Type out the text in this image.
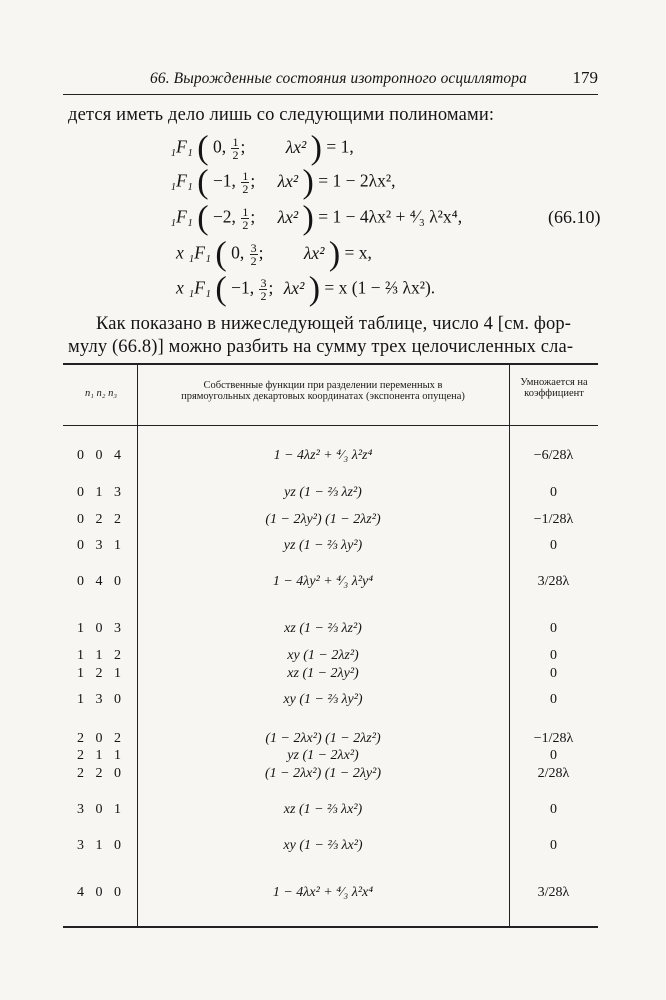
66. Вырожденные состояния изотропного осциллятора	179
дется иметь дело лишь со следующими полиномами:
₁F₁ ( 0, $\frac{1}{2}$ ; λx² ) = 1,
₁F₁ ( −1, $\frac{1}{2}$ ; λx² ) = 1 − 2λx²,
₁F₁ ( −2, $\frac{1}{2}$ ; λx² ) = 1 − 4λx² + ⁴⁄₃ λ²x⁴,
x ₁F₁ ( 0, $\frac{3}{2}$ ; λx² ) = x,
x ₁F₁ ( −1, $\frac{3}{2}$ ; λx² ) = x (1 − ⅔ λx²).
(66.10)
Как показано в нижеследующей таблице, число 4 [см. фор-
мулу (66.8)] можно разбить на сумму трех целочисленных сла-
n₁ n₂ n₃
Собственные функции при разделении переменных в прямоугольных декартовых координатах (экспонента опущена)
Умножается на коэффициент
0 0 4	1 − 4λz² + ⁴⁄₃ λ²z⁴	−6/28λ
0 1 3	yz (1 − ⅔ λz²)	0
0 2 2	(1 − 2λy²) (1 − 2λz²)	−1/28λ
0 3 1	yz (1 − ⅔ λy²)	0
0 4 0	1 − 4λy² + ⁴⁄₃ λ²y⁴	3/28λ
1 0 3	xz (1 − ⅔ λz²)	0
1 1 2	xy (1 − 2λz²)	0
1 2 1	xz (1 − 2λy²)	0
1 3 0	xy (1 − ⅔ λy²)	0
2 0 2	(1 − 2λx²) (1 − 2λz²)	−1/28λ
2 1 1	yz (1 − 2λx²)	0
2 2 0	(1 − 2λx²) (1 − 2λy²)	2/28λ
3 0 1	xz (1 − ⅔ λx²)	0
3 1 0	xy (1 − ⅔ λx²)	0
4 0 0	1 − 4λx² + ⁴⁄₃ λ²x⁴	3/28λ
